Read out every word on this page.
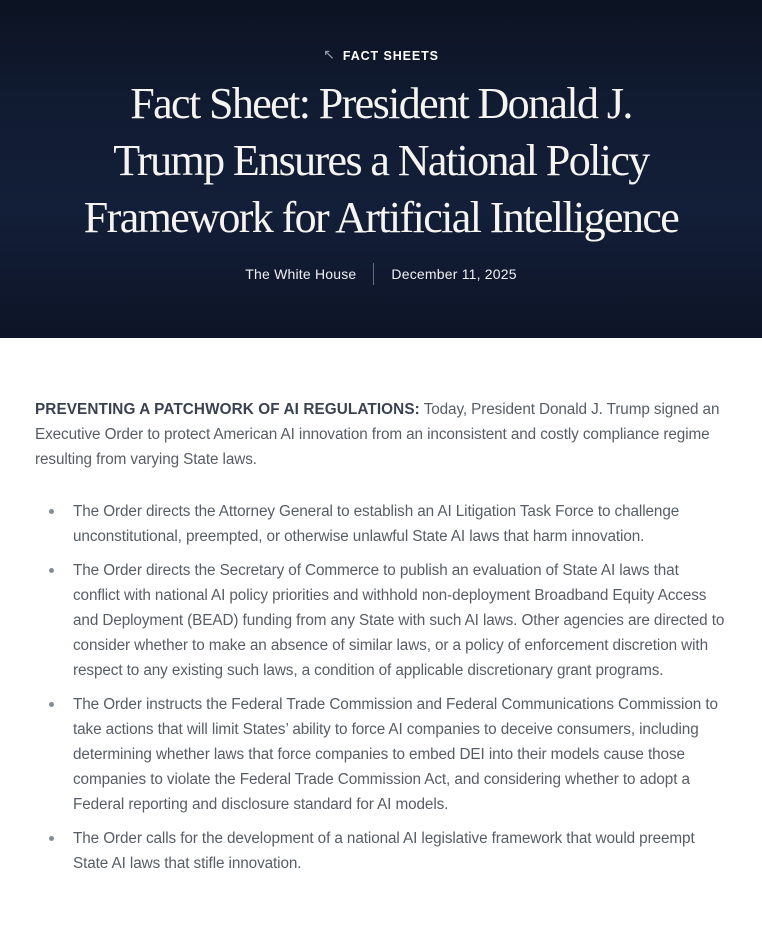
↖ FACT SHEETS
Fact Sheet: President Donald J.
Trump Ensures a National Policy
Framework for Artificial Intelligence
The White House	December 11, 2025

PREVENTING A PATCHWORK OF AI REGULATIONS: Today, President Donald J. Trump signed an Executive Order to protect American AI innovation from an inconsistent and costly compliance regime resulting from varying State laws.

The Order directs the Attorney General to establish an AI Litigation Task Force to challenge unconstitutional, preempted, or otherwise unlawful State AI laws that harm innovation.
The Order directs the Secretary of Commerce to publish an evaluation of State AI laws that conflict with national AI policy priorities and withhold non-deployment Broadband Equity Access and Deployment (BEAD) funding from any State with such AI laws. Other agencies are directed to consider whether to make an absence of similar laws, or a policy of enforcement discretion with respect to any existing such laws, a condition of applicable discretionary grant programs.
The Order instructs the Federal Trade Commission and Federal Communications Commission to take actions that will limit States’ ability to force AI companies to deceive consumers, including determining whether laws that force companies to embed DEI into their models cause those companies to violate the Federal Trade Commission Act, and considering whether to adopt a Federal reporting and disclosure standard for AI models.
The Order calls for the development of a national AI legislative framework that would preempt State AI laws that stifle innovation.
